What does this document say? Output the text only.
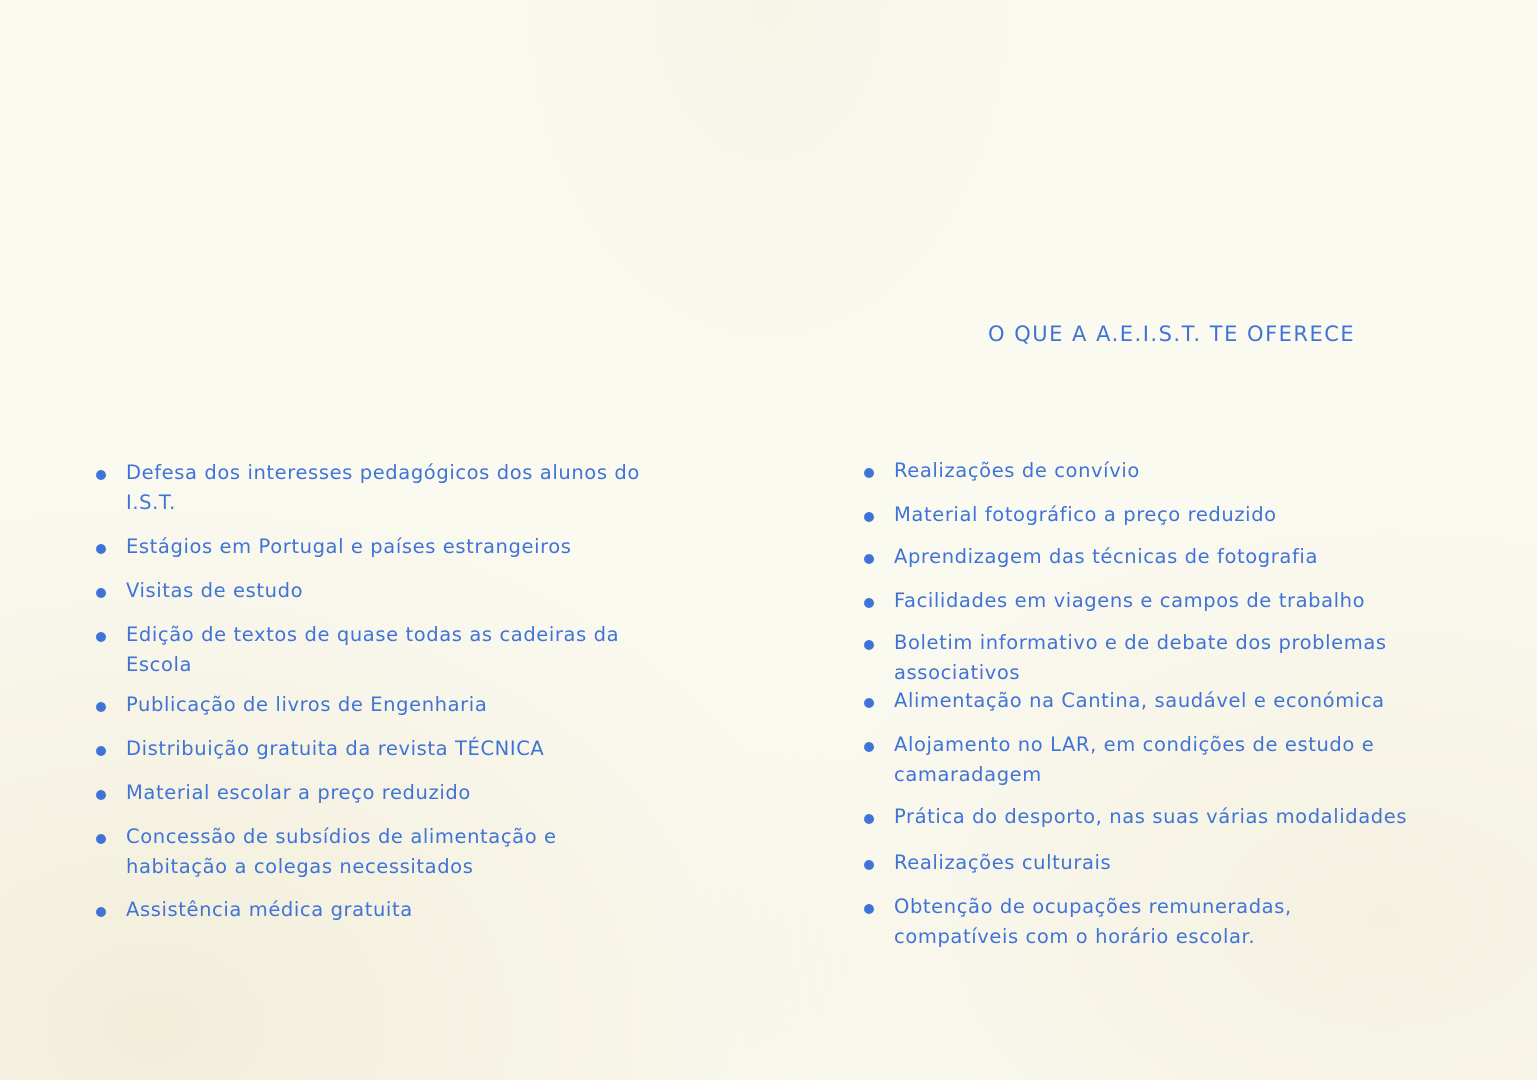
O QUE A A.E.I.S.T. TE OFERECE
Defesa dos interesses pedagógicos dos alunos do I.S.T.
Estágios em Portugal e países estrangeiros
Visitas de estudo
Edição de textos de quase todas as cadeiras da Escola
Publicação de livros de Engenharia
Distribuição gratuita da revista TÉCNICA
Material escolar a preço reduzido
Concessão de subsídios de alimentação e habitação a colegas necessitados
Assistência médica gratuita
Realizações de convívio
Material fotográfico a preço reduzido
Aprendizagem das técnicas de fotografia
Facilidades em viagens e campos de trabalho
Boletim informativo e de debate dos problemas associativos
Alimentação na Cantina, saudável e económica
Alojamento no LAR, em condições de estudo e camaradagem
Prática do desporto, nas suas várias modalidades
Realizações culturais
Obtenção de ocupações remuneradas, compatíveis com o horário escolar.
